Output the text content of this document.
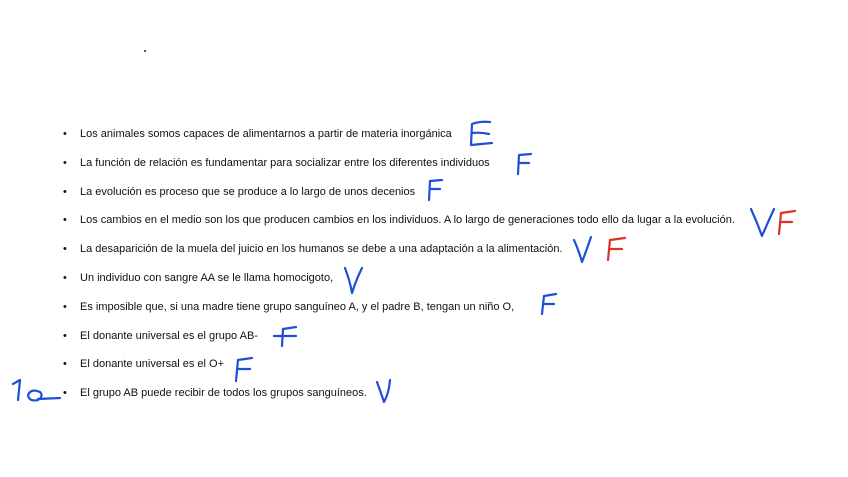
• Los animales somos capaces de alimentarnos a partir de materia inorgánica
• La función de relación es fundamentar para socializar entre los diferentes individuos
• La evolución es proceso que se produce a lo largo de unos decenios
• Los cambios en el medio son los que producen cambios en los individuos. A lo largo de generaciones todo ello da lugar a la evolución.
• La desaparición de la muela del juicio en los humanos se debe a una adaptación a la alimentación.
• Un individuo con sangre AA se le llama homocigoto,
• Es imposible que, si una madre tiene grupo sanguíneo A, y el padre B, tengan un niño O,
• El donante universal es el grupo AB-
• El donante universal es el O+
• El grupo AB puede recibir de todos los grupos sanguíneos.
